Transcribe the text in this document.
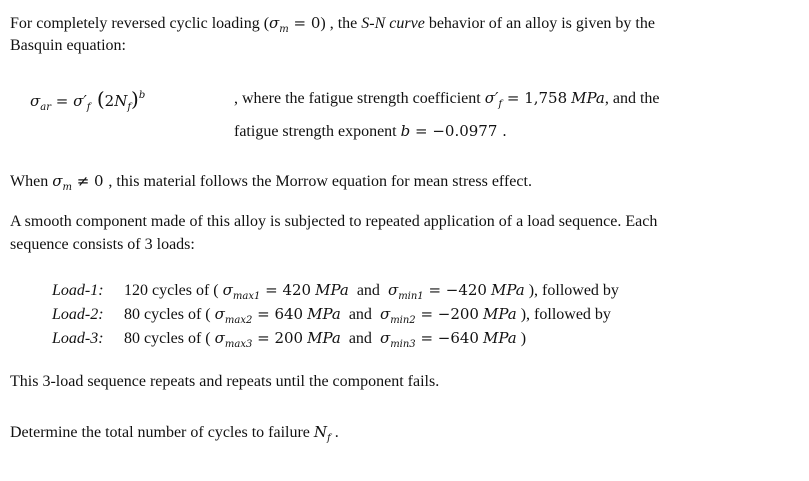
For completely reversed cyclic loading $(\sigma_m = 0)$ , the S-N curve behavior of an alloy is given by the
Basquin equation:
$\sigma_{ar} = \sigma'_f$ $(2N_f)^b$	, where the fatigue strength coefficient $\sigma'_f = 1,758$ MPa, and the
fatigue strength exponent b = −0.0977 .
When $\sigma_m \ne 0$ , this material follows the Morrow equation for mean stress effect.
A smooth component made of this alloy is subjected to repeated application of a load sequence. Each
sequence consists of 3 loads:
Load-1: 120 cycles of ( $\sigma_{max1} = 420$ MPa  and  $\sigma_{min1} = -420$ MPa ), followed by
Load-2: 80 cycles of ( $\sigma_{max2} = 640$ MPa  and  $\sigma_{min2} = -200$ MPa ), followed by
Load-3: 80 cycles of ( $\sigma_{max3} = 200$ MPa  and  $\sigma_{min3} = -640$ MPa )
This 3-load sequence repeats and repeats until the component fails.
Determine the total number of cycles to failure $N_f$ .
